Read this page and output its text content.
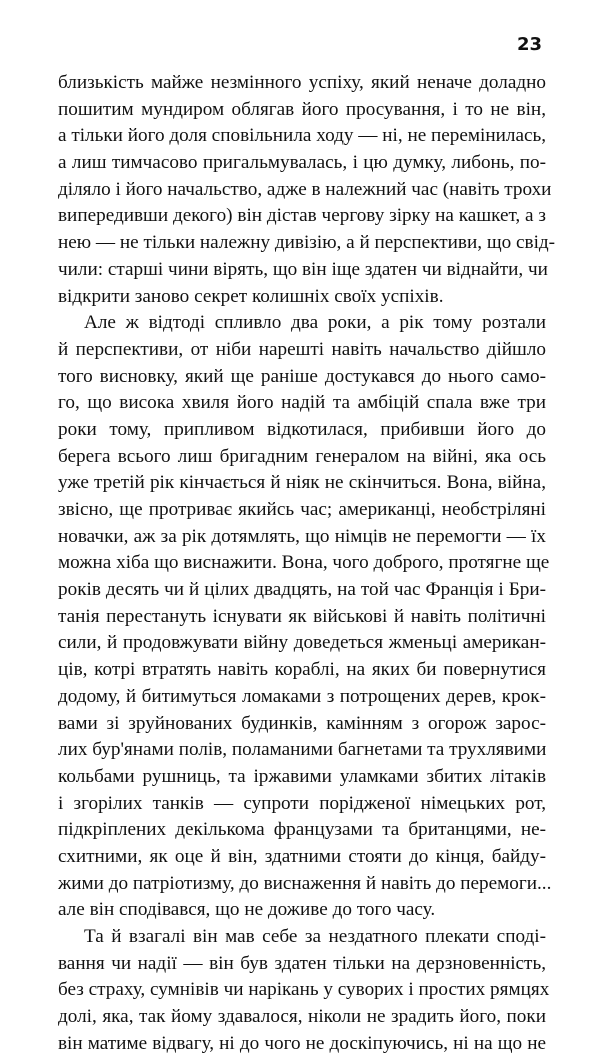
23
близькість майже незмінного успіху, який неначе доладно
пошитим мундиром облягав його просування, і то не він,
а тільки його доля сповільнила ходу — ні, не перемінилась,
а лиш тимчасово пригальмувалась, і цю думку, либонь, по-
діляло і його начальство, адже в належний час (навіть трохи
випередивши декого) він дістав чергову зірку на кашкет, а з
нею — не тільки належну дивізію, а й перспективи, що свід-
чили: старші чини вірять, що він іще здатен чи віднайти, чи
відкрити заново секрет колишніх своїх успіхів.
Але ж відтоді спливло два роки, а рік тому розтали
й перспективи, от ніби нарешті навіть начальство дійшло
того висновку, який ще раніше достукався до нього само-
го, що висока хвиля його надій та амбіцій спала вже три
роки тому, припливом відкотилася, прибивши його до
берега всього лиш бригадним генералом на війні, яка ось
уже третій рік кінчається й ніяк не скінчиться. Вона, війна,
звісно, ще протриває якийсь час; американці, необстріляні
новачки, аж за рік дотямлять, що німців не перемогти — їх
можна хіба що виснажити. Вона, чого доброго, протягне ще
років десять чи й цілих двадцять, на той час Франція і Бри-
танія перестануть існувати як військові й навіть політичні
сили, й продовжувати війну доведеться жменьці американ-
ців, котрі втратять навіть кораблі, на яких би повернутися
додому, й битимуться ломаками з потрощених дерев, крок-
вами зі зруйнованих будинків, камінням з огорож зарос-
лих бур'янами полів, поламаними багнетами та трухлявими
кольбами рушниць, та іржавими уламками збитих літаків
і згорілих танків — супроти порідженої німецьких рот,
підкріплених декількома французами та британцями, не-
схитними, як оце й він, здатними стояти до кінця, байду-
жими до патріотизму, до виснаження й навіть до перемоги...
але він сподівався, що не доживе до того часу.
Та й взагалі він мав себе за нездатного плекати сподi-
вання чи надії — він був здатен тільки на дерзновенність,
без страху, сумнівів чи нарікань у суворих і простих рямцях
долі, яка, так йому здавалося, ніколи не зрадить його, поки
він матиме відвагу, ні до чого не доскіпуючись, ні на що не
